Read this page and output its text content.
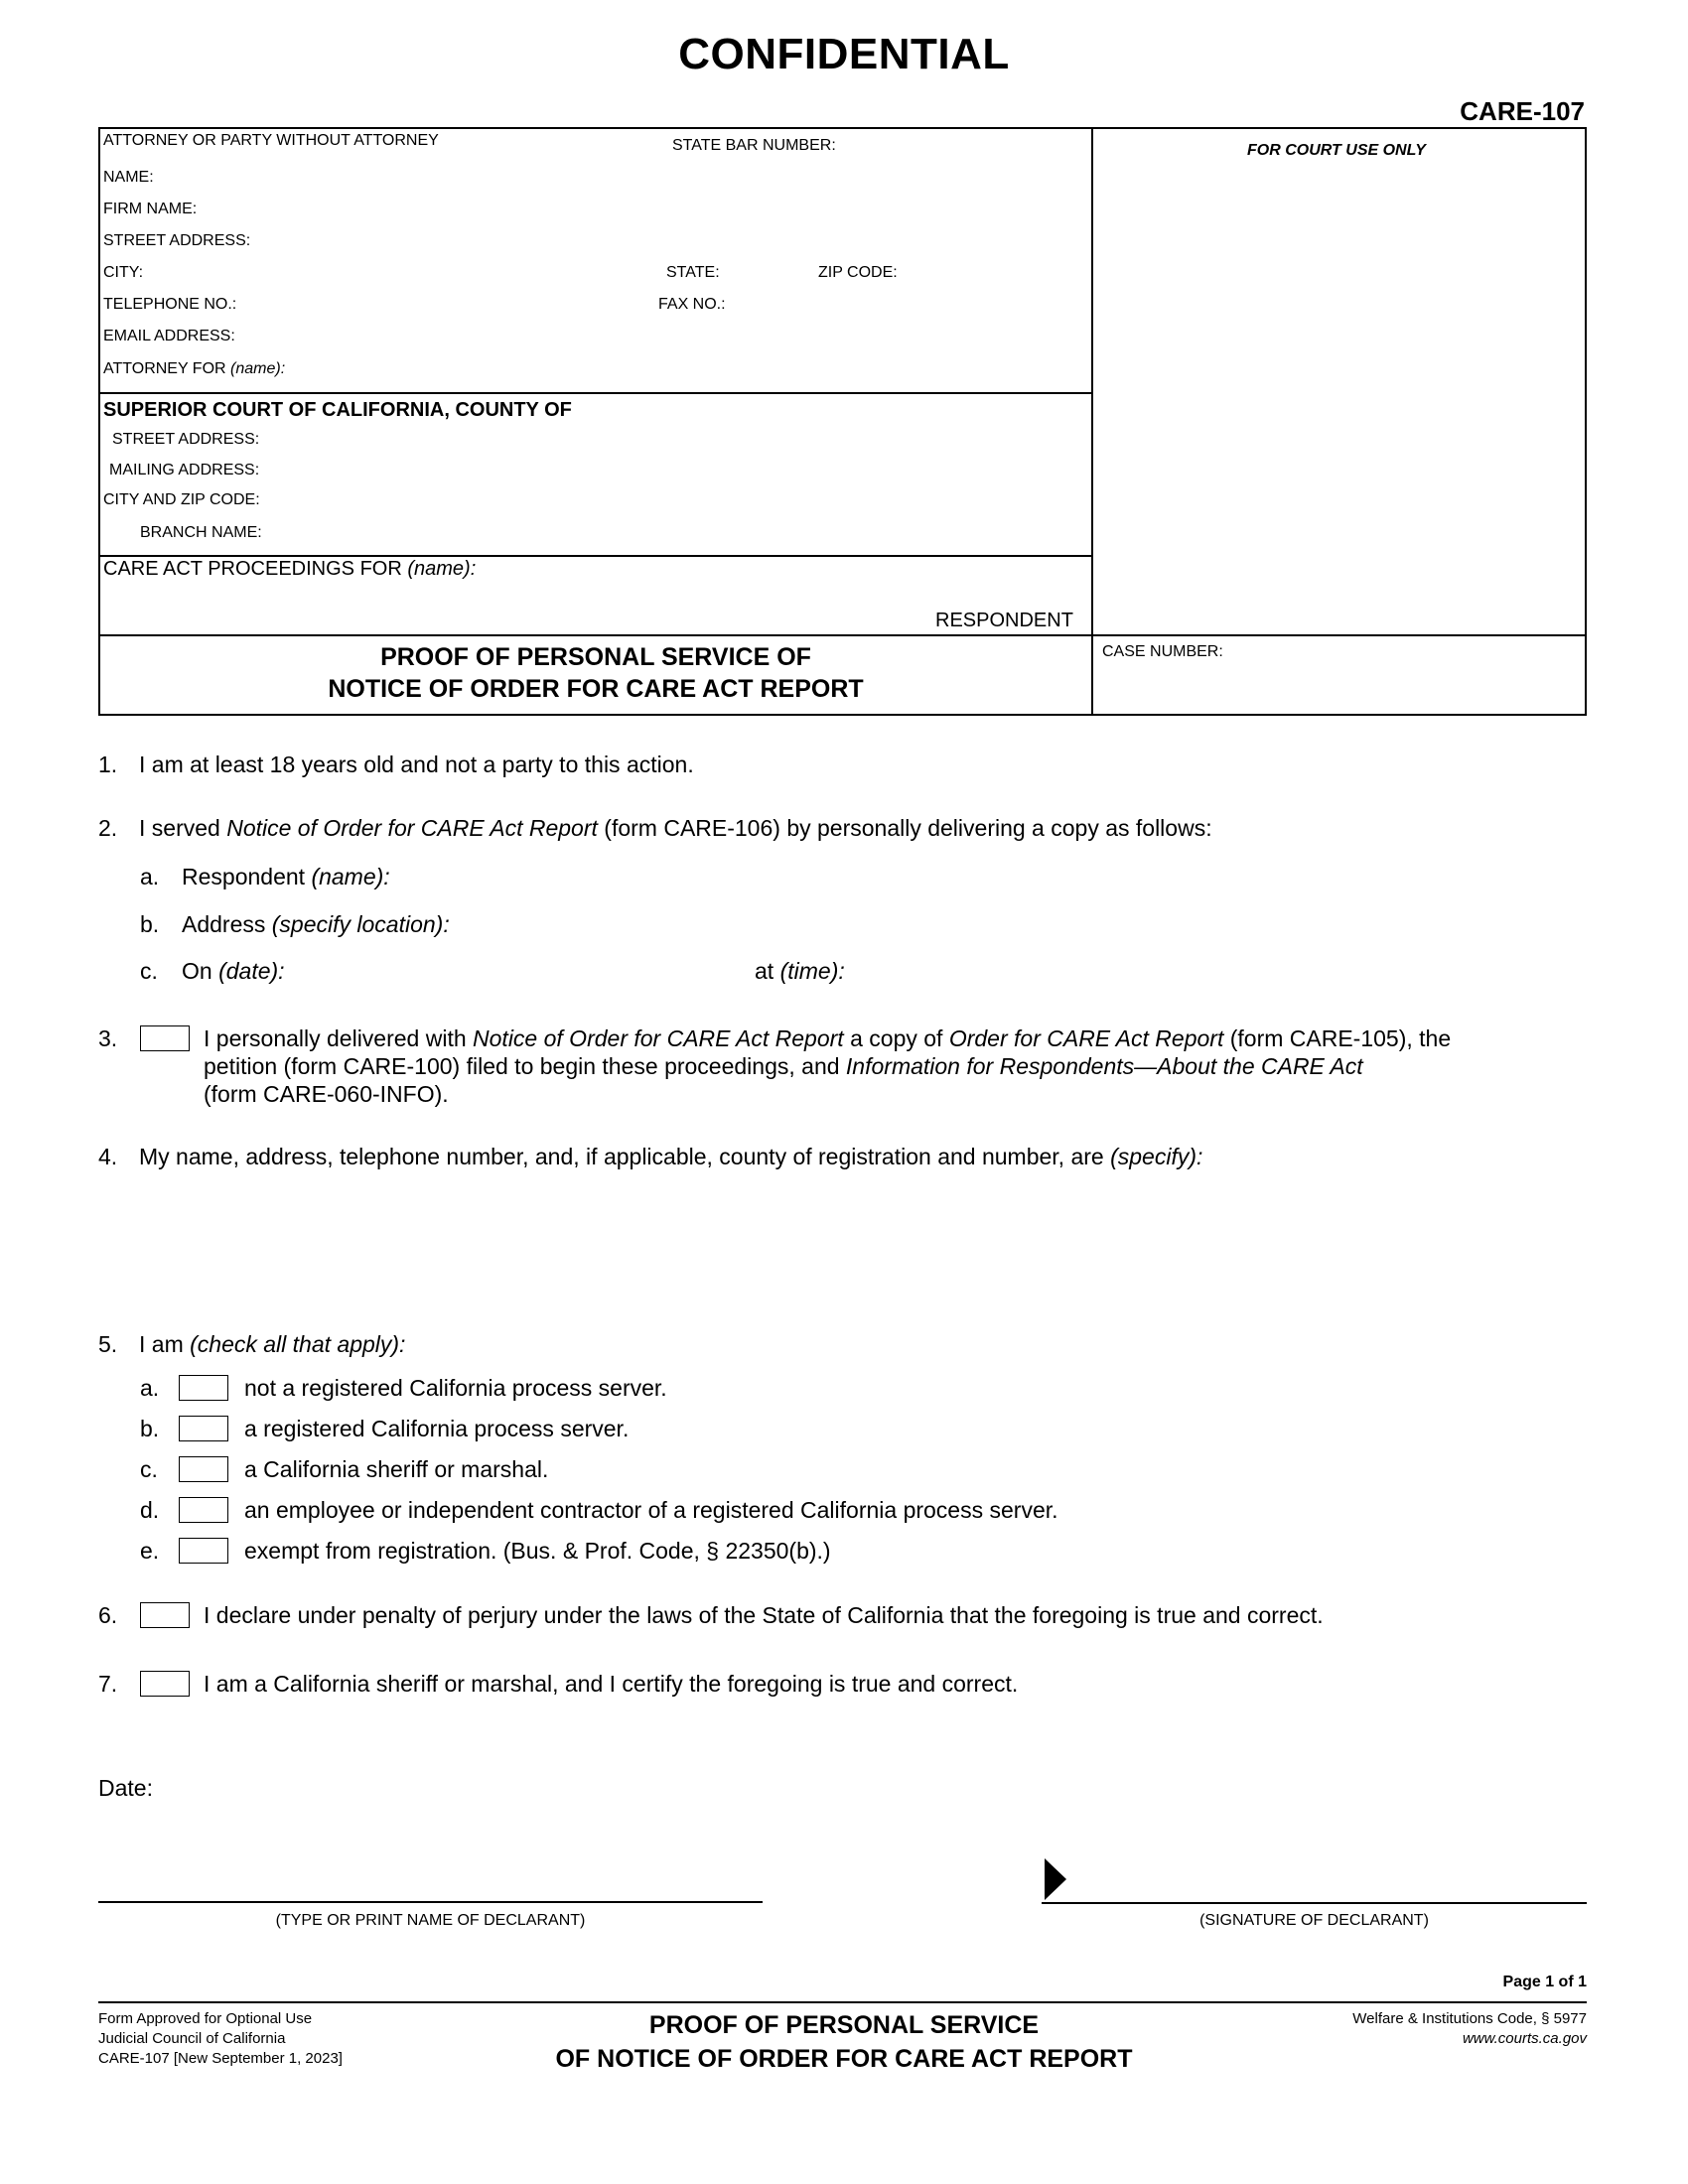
CONFIDENTIAL
CARE-107
ATTORNEY OR PARTY WITHOUT ATTORNEY	STATE BAR NUMBER:
NAME:
FIRM NAME:
STREET ADDRESS:
CITY:	STATE:	ZIP CODE:
TELEPHONE NO.:	FAX NO.:
EMAIL ADDRESS:
ATTORNEY FOR (name):
FOR COURT USE ONLY
SUPERIOR COURT OF CALIFORNIA, COUNTY OF
STREET ADDRESS:
MAILING ADDRESS:
CITY AND ZIP CODE:
BRANCH NAME:
CARE ACT PROCEEDINGS FOR (name):
RESPONDENT
PROOF OF PERSONAL SERVICE OF
NOTICE OF ORDER FOR CARE ACT REPORT
CASE NUMBER:
1. I am at least 18 years old and not a party to this action.
2. I served Notice of Order for CARE Act Report (form CARE-106) by personally delivering a copy as follows:
a. Respondent (name):
b. Address (specify location):
c. On (date):	at (time):
3.	I personally delivered with Notice of Order for CARE Act Report a copy of Order for CARE Act Report (form CARE-105), the
petition (form CARE-100) filed to begin these proceedings, and Information for Respondents—About the CARE Act
(form CARE-060-INFO).
4. My name, address, telephone number, and, if applicable, county of registration and number, are (specify):
5. I am (check all that apply):
a.	not a registered California process server.
b.	a registered California process server.
c.	a California sheriff or marshal.
d.	an employee or independent contractor of a registered California process server.
e.	exempt from registration. (Bus. & Prof. Code, § 22350(b).)
6.	I declare under penalty of perjury under the laws of the State of California that the foregoing is true and correct.
7.	I am a California sheriff or marshal, and I certify the foregoing is true and correct.
Date:
(TYPE OR PRINT NAME OF DECLARANT)	(SIGNATURE OF DECLARANT)
Page 1 of 1
Form Approved for Optional Use
Judicial Council of California
CARE-107 [New September 1, 2023]
PROOF OF PERSONAL SERVICE
OF NOTICE OF ORDER FOR CARE ACT REPORT
Welfare & Institutions Code, § 5977
www.courts.ca.gov
